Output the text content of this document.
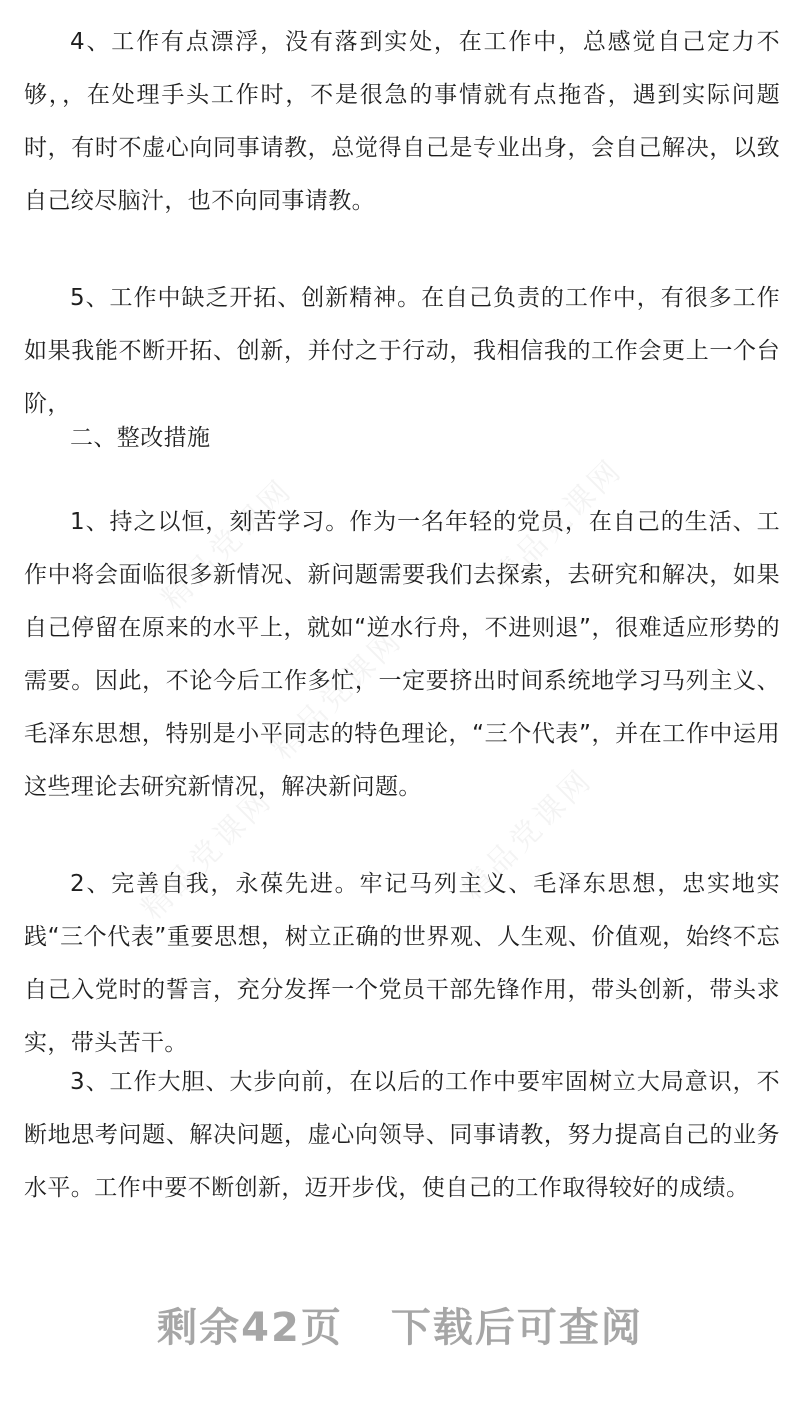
精品党课网	精品党课网
精品党课网
精品党课网	精品党课网

4、工作有点漂浮，没有落到实处，在工作中，总感觉自己定力不够，，在处理手头工作时，不是很急的事情就有点拖沓，遇到实际问题时，有时不虚心向同事请教，总觉得自己是专业出身，会自己解决，以致自己绞尽脑汁，也不向同事请教。

5、工作中缺乏开拓、创新精神。在自己负责的工作中，有很多工作如果我能不断开拓、创新，并付之于行动，我相信我的工作会更上一个台阶，

二、整改措施

1、持之以恒，刻苦学习。作为一名年轻的党员，在自己的生活、工作中将会面临很多新情况、新问题需要我们去探索，去研究和解决，如果自己停留在原来的水平上，就如“逆水行舟，不进则退”，很难适应形势的需要。因此，不论今后工作多忙，一定要挤出时间系统地学习马列主义、毛泽东思想，特别是小平同志的特色理论，“三个代表”，并在工作中运用这些理论去研究新情况，解决新问题。

2、完善自我，永葆先进。牢记马列主义、毛泽东思想，忠实地实践“三个代表”重要思想，树立正确的世界观、人生观、价值观，始终不忘自己入党时的誓言，充分发挥一个党员干部先锋作用，带头创新，带头求实，带头苦干。

3、工作大胆、大步向前，在以后的工作中要牢固树立大局意识，不断地思考问题、解决问题，虚心向领导、同事请教，努力提高自己的业务水平。工作中要不断创新，迈开步伐，使自己的工作取得较好的成绩。

剩余42页 下载后可查阅
